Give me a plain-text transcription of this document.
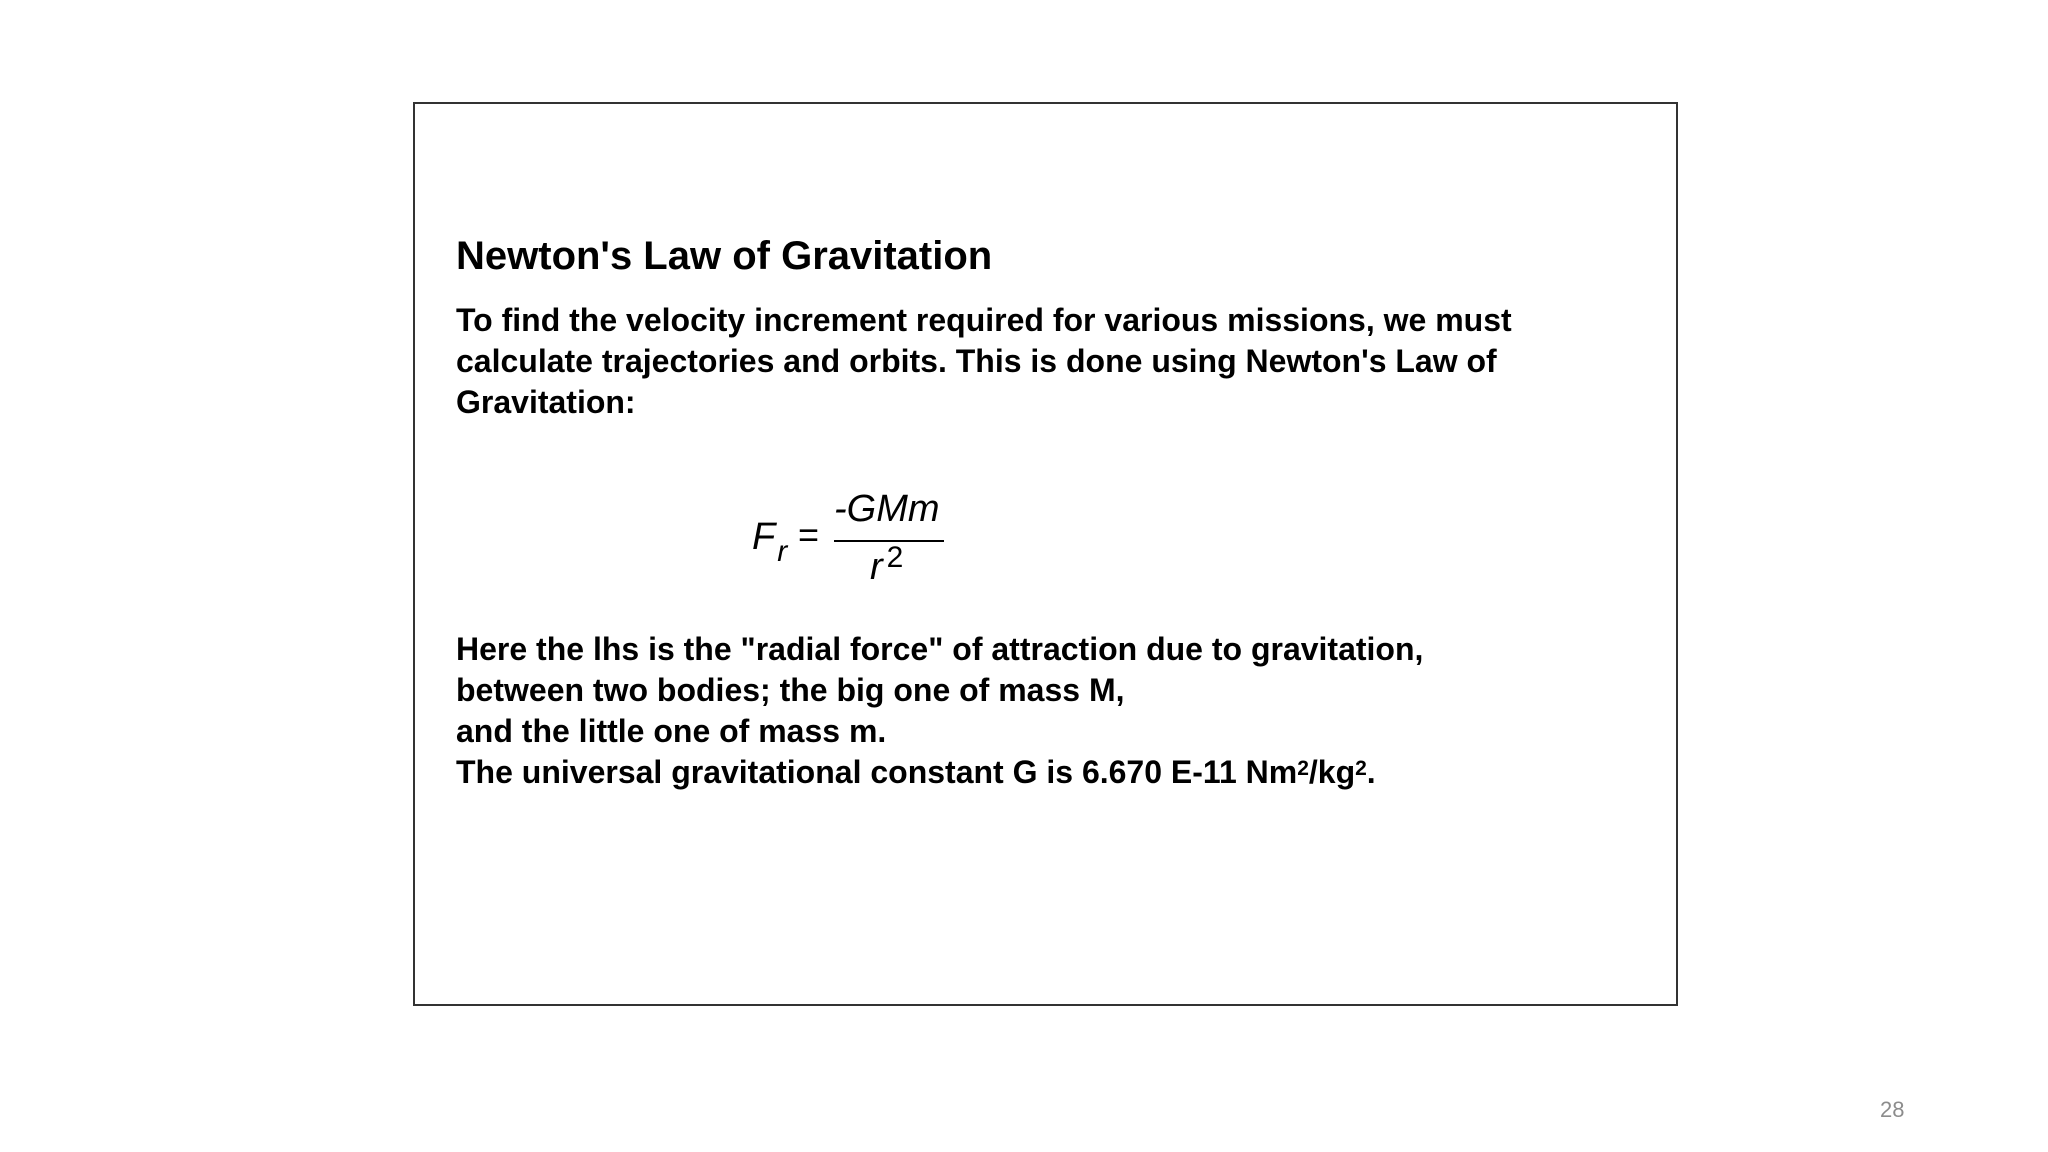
Newton's Law of Gravitation

To find the velocity increment required for various missions, we must calculate trajectories and orbits. This is done using Newton's Law of Gravitation:

$F_r$ =
-GMm
r $^2$

Here the lhs is the "radial force" of attraction due to gravitation,
between two bodies; the big one of mass M,
and the little one of mass m.
The universal gravitational constant G is 6.670 E-11 $Nm^2/kg^2$.

28
